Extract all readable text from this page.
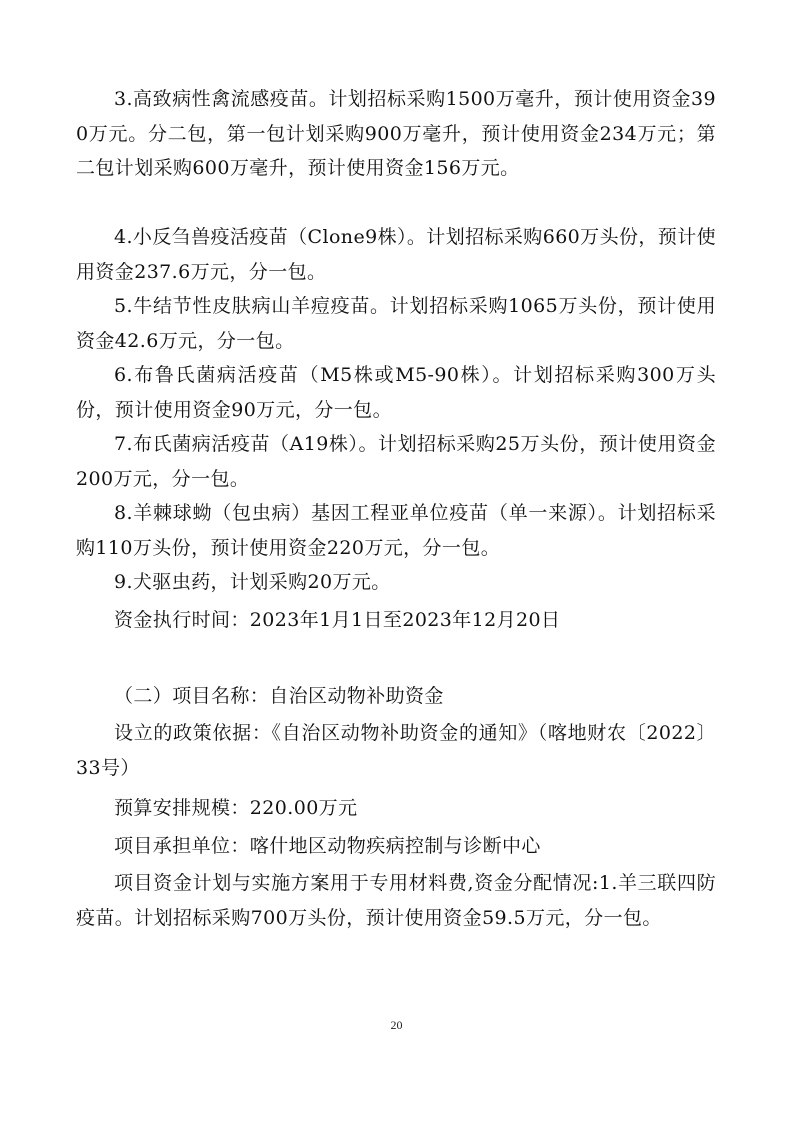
3.高致病性禽流感疫苗。计划招标采购1500万毫升，预计使用资金390万元。分二包，第一包计划采购900万毫升，预计使用资金234万元；第二包计划采购600万毫升，预计使用资金156万元。

4.小反刍兽疫活疫苗（Clone9株）。计划招标采购660万头份，预计使用资金237.6万元，分一包。

5.牛结节性皮肤病山羊痘疫苗。计划招标采购1065万头份，预计使用资金42.6万元，分一包。

6.布鲁氏菌病活疫苗（M5株或M5-90株）。计划招标采购300万头份，预计使用资金90万元，分一包。

7.布氏菌病活疫苗（A19株）。计划招标采购25万头份，预计使用资金200万元，分一包。

8.羊棘球蚴（包虫病）基因工程亚单位疫苗（单一来源）。计划招标采购110万头份，预计使用资金220万元，分一包。

9.犬驱虫药，计划采购20万元。

资金执行时间：2023年1月1日至2023年12月20日

（二）项目名称：自治区动物补助资金

设立的政策依据：《自治区动物补助资金的通知》（喀地财农〔2022〕33号）

预算安排规模：220.00万元

项目承担单位：喀什地区动物疾病控制与诊断中心

项目资金计划与实施方案用于专用材料费,资金分配情况:1.羊三联四防疫苗。计划招标采购700万头份，预计使用资金59.5万元，分一包。

20
